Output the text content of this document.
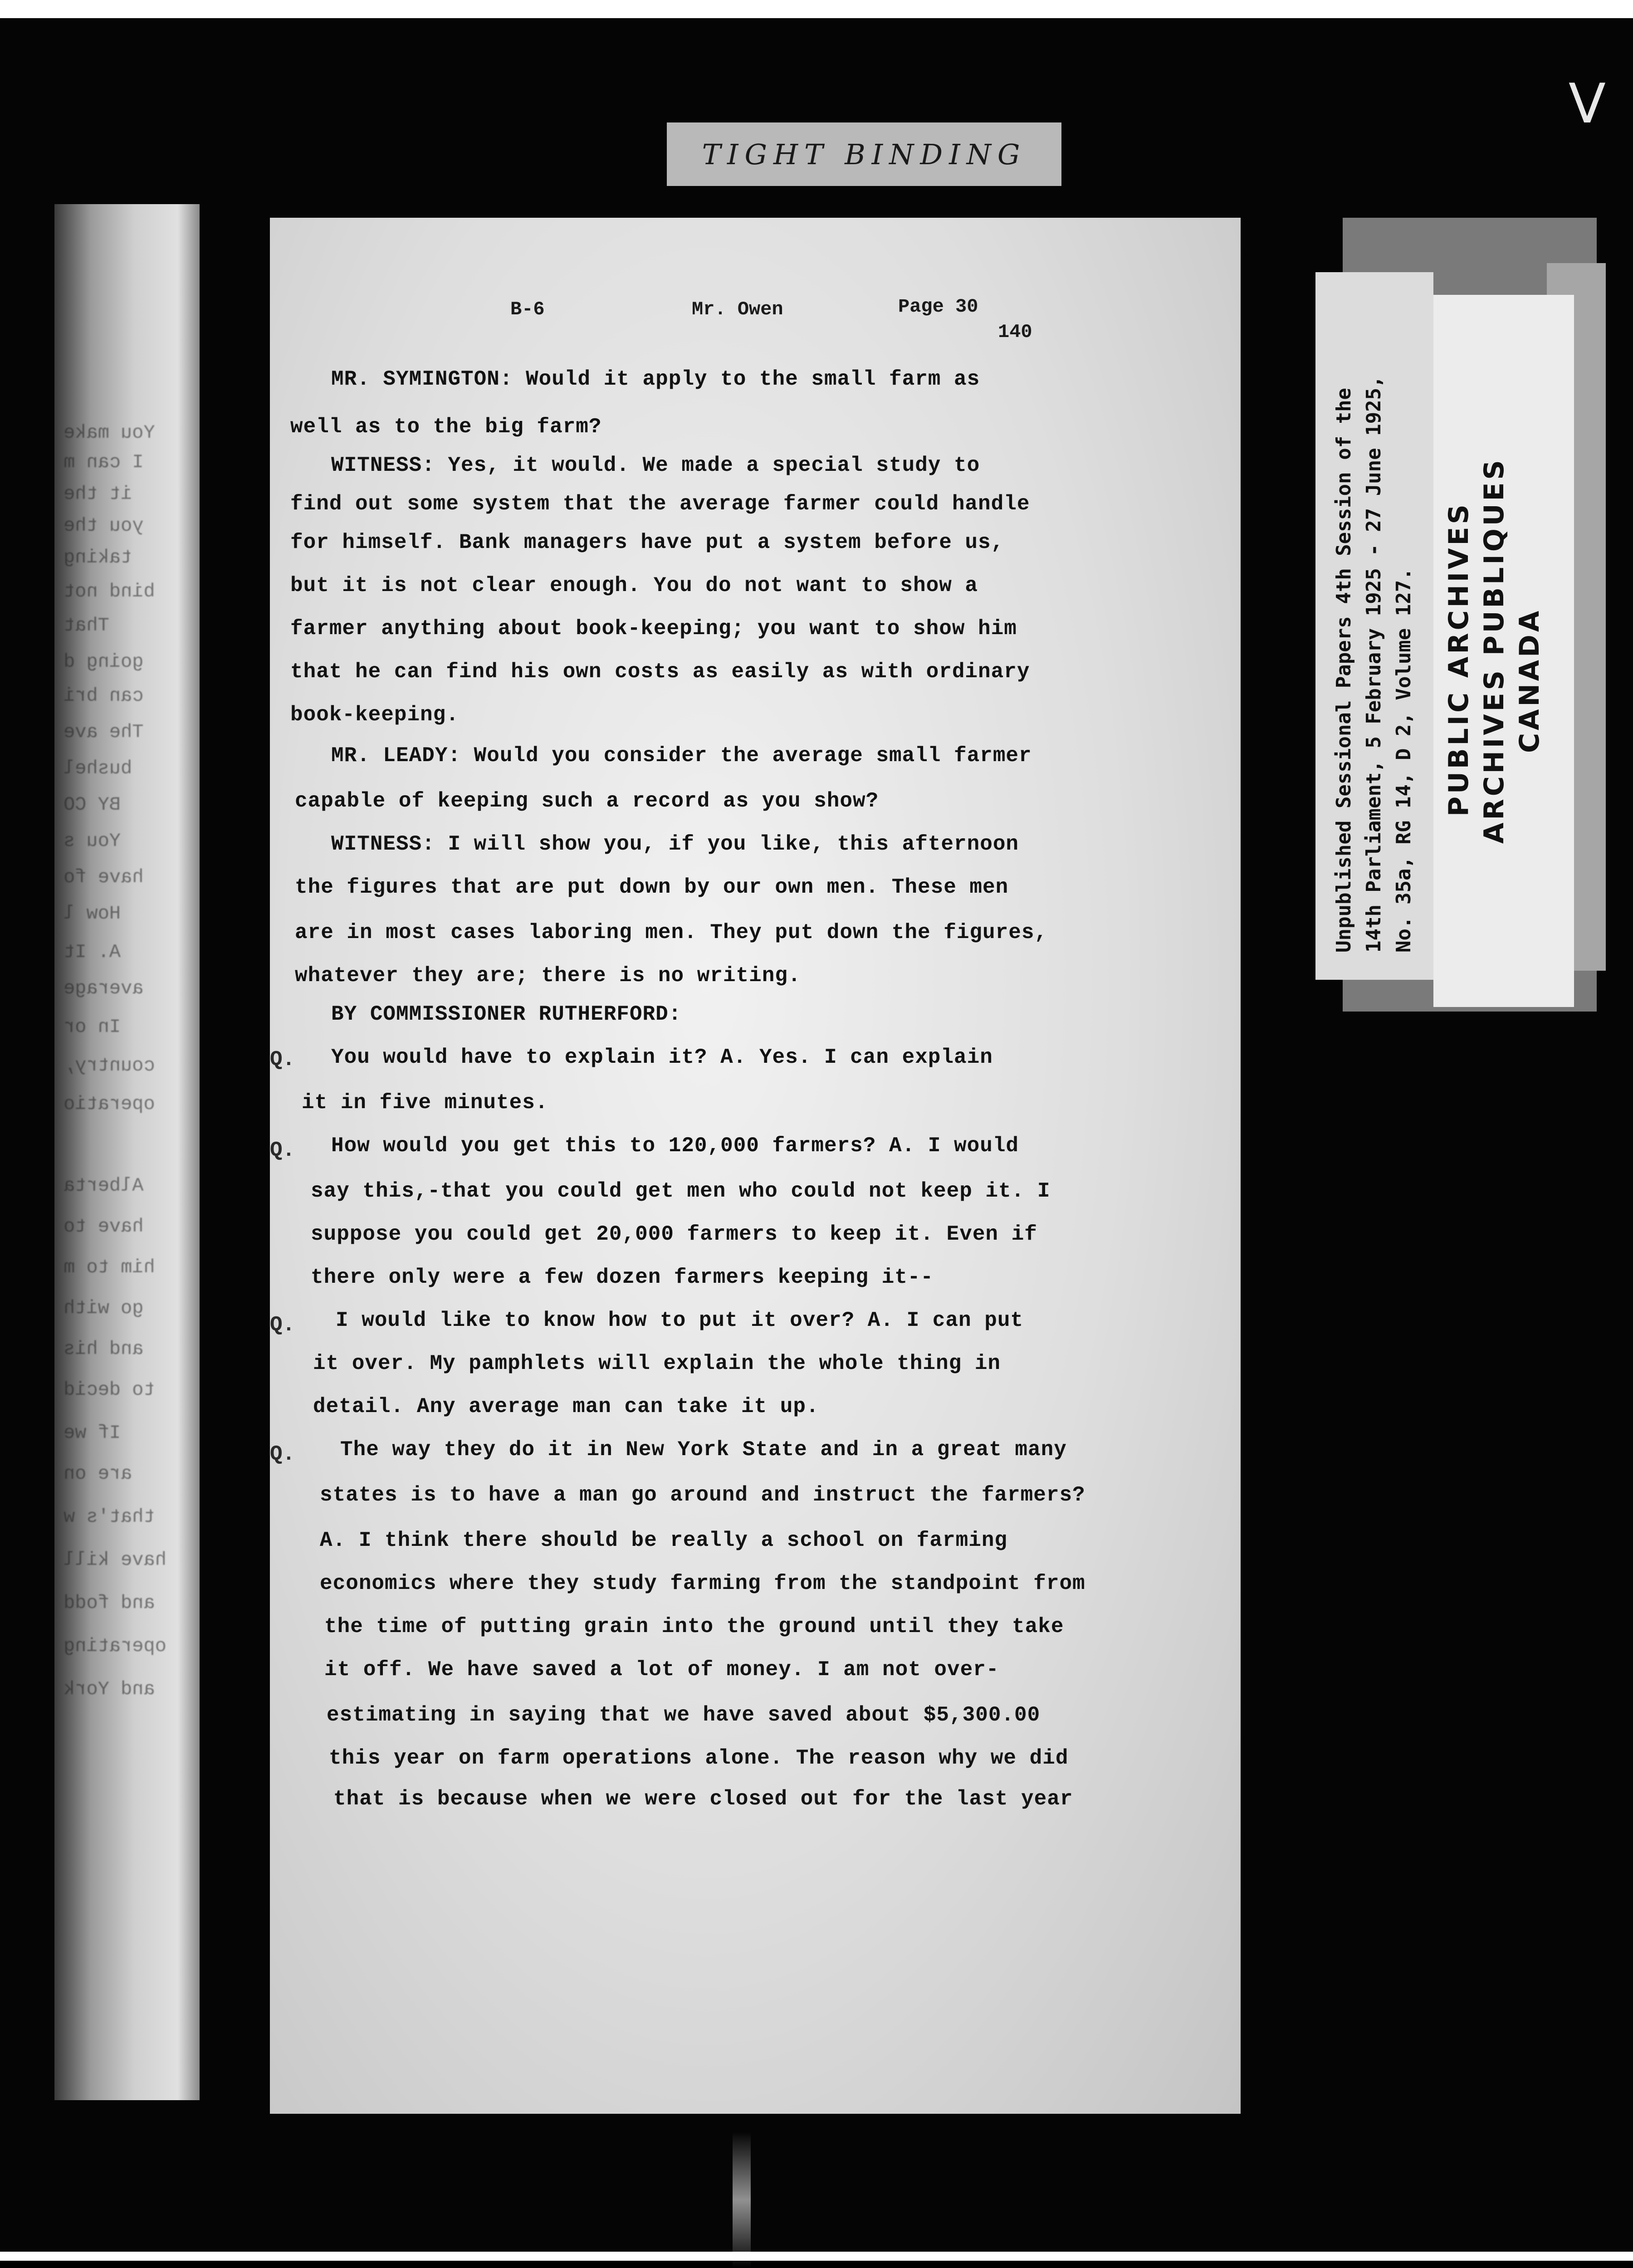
V
TIGHT BINDING
You make
I can m
it the
you the
taking
bind not
That
going d
can bri
The ave
bushel
BY CO
You s
have fo
How l
A. It
average
In or
country,
operatio
Alberta
have to
him to m
go with
and his
to decid
If we
are on
that's w
have kill
and fodd
operating
and York
B-6	Mr. Owen	Page 30
140
MR. SYMINGTON: Would it apply to the small farm as
well as to the big farm?
WITNESS: Yes, it would. We made a special study to
find out some system that the average farmer could handle
for himself. Bank managers have put a system before us,
but it is not clear enough. You do not want to show a
farmer anything about book-keeping; you want to show him
that he can find his own costs as easily as with ordinary
book-keeping.
MR. LEADY: Would you consider the average small farmer
capable of keeping such a record as you show?
WITNESS: I will show you, if you like, this afternoon
the figures that are put down by our own men. These men
are in most cases laboring men. They put down the figures,
whatever they are; there is no writing.
BY COMMISSIONER RUTHERFORD:
Q. You would have to explain it? A. Yes. I can explain
it in five minutes.
Q. How would you get this to 120,000 farmers? A. I would
say this,-that you could get men who could not keep it. I
suppose you could get 20,000 farmers to keep it. Even if
there only were a few dozen farmers keeping it--
Q. I would like to know how to put it over? A. I can put
it over. My pamphlets will explain the whole thing in
detail. Any average man can take it up.
Q. The way they do it in New York State and in a great many
states is to have a man go around and instruct the farmers?
A. I think there should be really a school on farming
economics where they study farming from the standpoint from
the time of putting grain into the ground until they take
it off. We have saved a lot of money. I am not over-
estimating in saying that we have saved about $5,300.00
this year on farm operations alone. The reason why we did
that is because when we were closed out for the last year
Unpublished Sessional Papers 4th Session of the 14th Parliament, 5 February 1925 - 27 June 1925, No. 35a, RG 14, D 2, Volume 127. PUBLIC ARCHIVES ARCHIVES PUBLIQUES CANADA
